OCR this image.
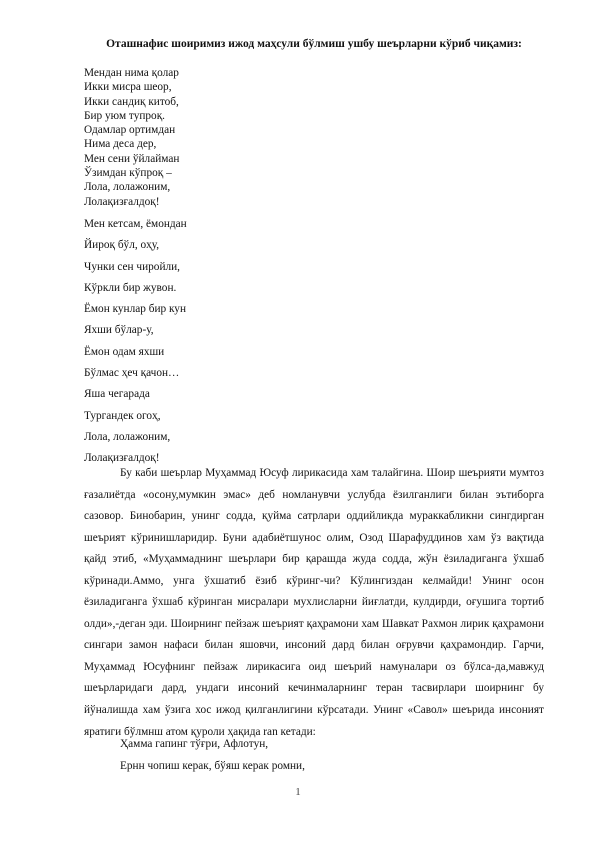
Оташнафис шоиримиз ижод маҳсули бўлмиш ушбу шеърларни кўриб чиқамиз:

Мендан нима қолар
Икки мисра шеор,
Икки сандиқ китоб,
Бир уюм тупроқ.
Одамлар ортимдан
Нима деса дер,
Мен сени ўйлайман
Ўзимдан кўпроқ –
Лола, лолажоним,
Лолақизғалдоқ!
Мен кетсам, ёмондан
Йироқ бўл, оҳу,
Чунки сен чиройли,
Кўркли бир жувон.
Ёмон кунлар бир кун
Яхши бўлар-у,
Ёмон одам яхши
Бўлмас ҳеч қачон…
Яша чегарада
Тургандек огоҳ,
Лола, лолажоним,
Лолақизғалдоқ!

Бу каби шеърлар Муҳаммад Юсуф лирикасида хам талайгина. Шоир шеърияти мумтоз ғазалиётда «осону,мумкин эмас» деб номланувчи услубда ёзилганлиги билан эътиборга сазовор. Бинобарин, унинг содда, қуйма сатрлари оддийликда мураккабликни сингдирган шеърият кўринишларидир. Буни адабиётшунос олим, Озод Шарафуддинов хам ўз вақтида қайд этиб, «Муҳаммаднинг шеърлари бир қарашда жуда содда, жўн ёзиладиганга ўхшаб кўринади.Аммо, унга ўхшатиб ёзиб кўринг-чи? Кўлингиздан келмайди! Унинг осон ёзиладиганга ўхшаб кўринган мисралари мухлисларни йиғлатди, кулдирди, оғушига тортиб олди»,-деган эди. Шоирнинг пейзаж шеърият қаҳрамони хам Шавкат Рахмон лирик қаҳрамони сингари замон нафаси билан яшовчи, инсоний дард билан оғрувчи қаҳрамондир. Гарчи, Муҳаммад Юсуфнинг пейзаж лирикасига оид шеърий намуналари оз бўлса-да,мавжуд шеърларидаги дард, ундаги инсоний кечинмаларнинг теран тасвирлари шоирнинг бу йўналишда хам ўзига хос ижод қилганлигини кўрсатади. Унинг «Савол» шеърида инсоният яратиги бўлмнш атом қуроли ҳақида ran кетади:

Ҳамма гапинг тўғри, Афлотун,

Ернн чопиш керак, бўяш керак ромни,

1
